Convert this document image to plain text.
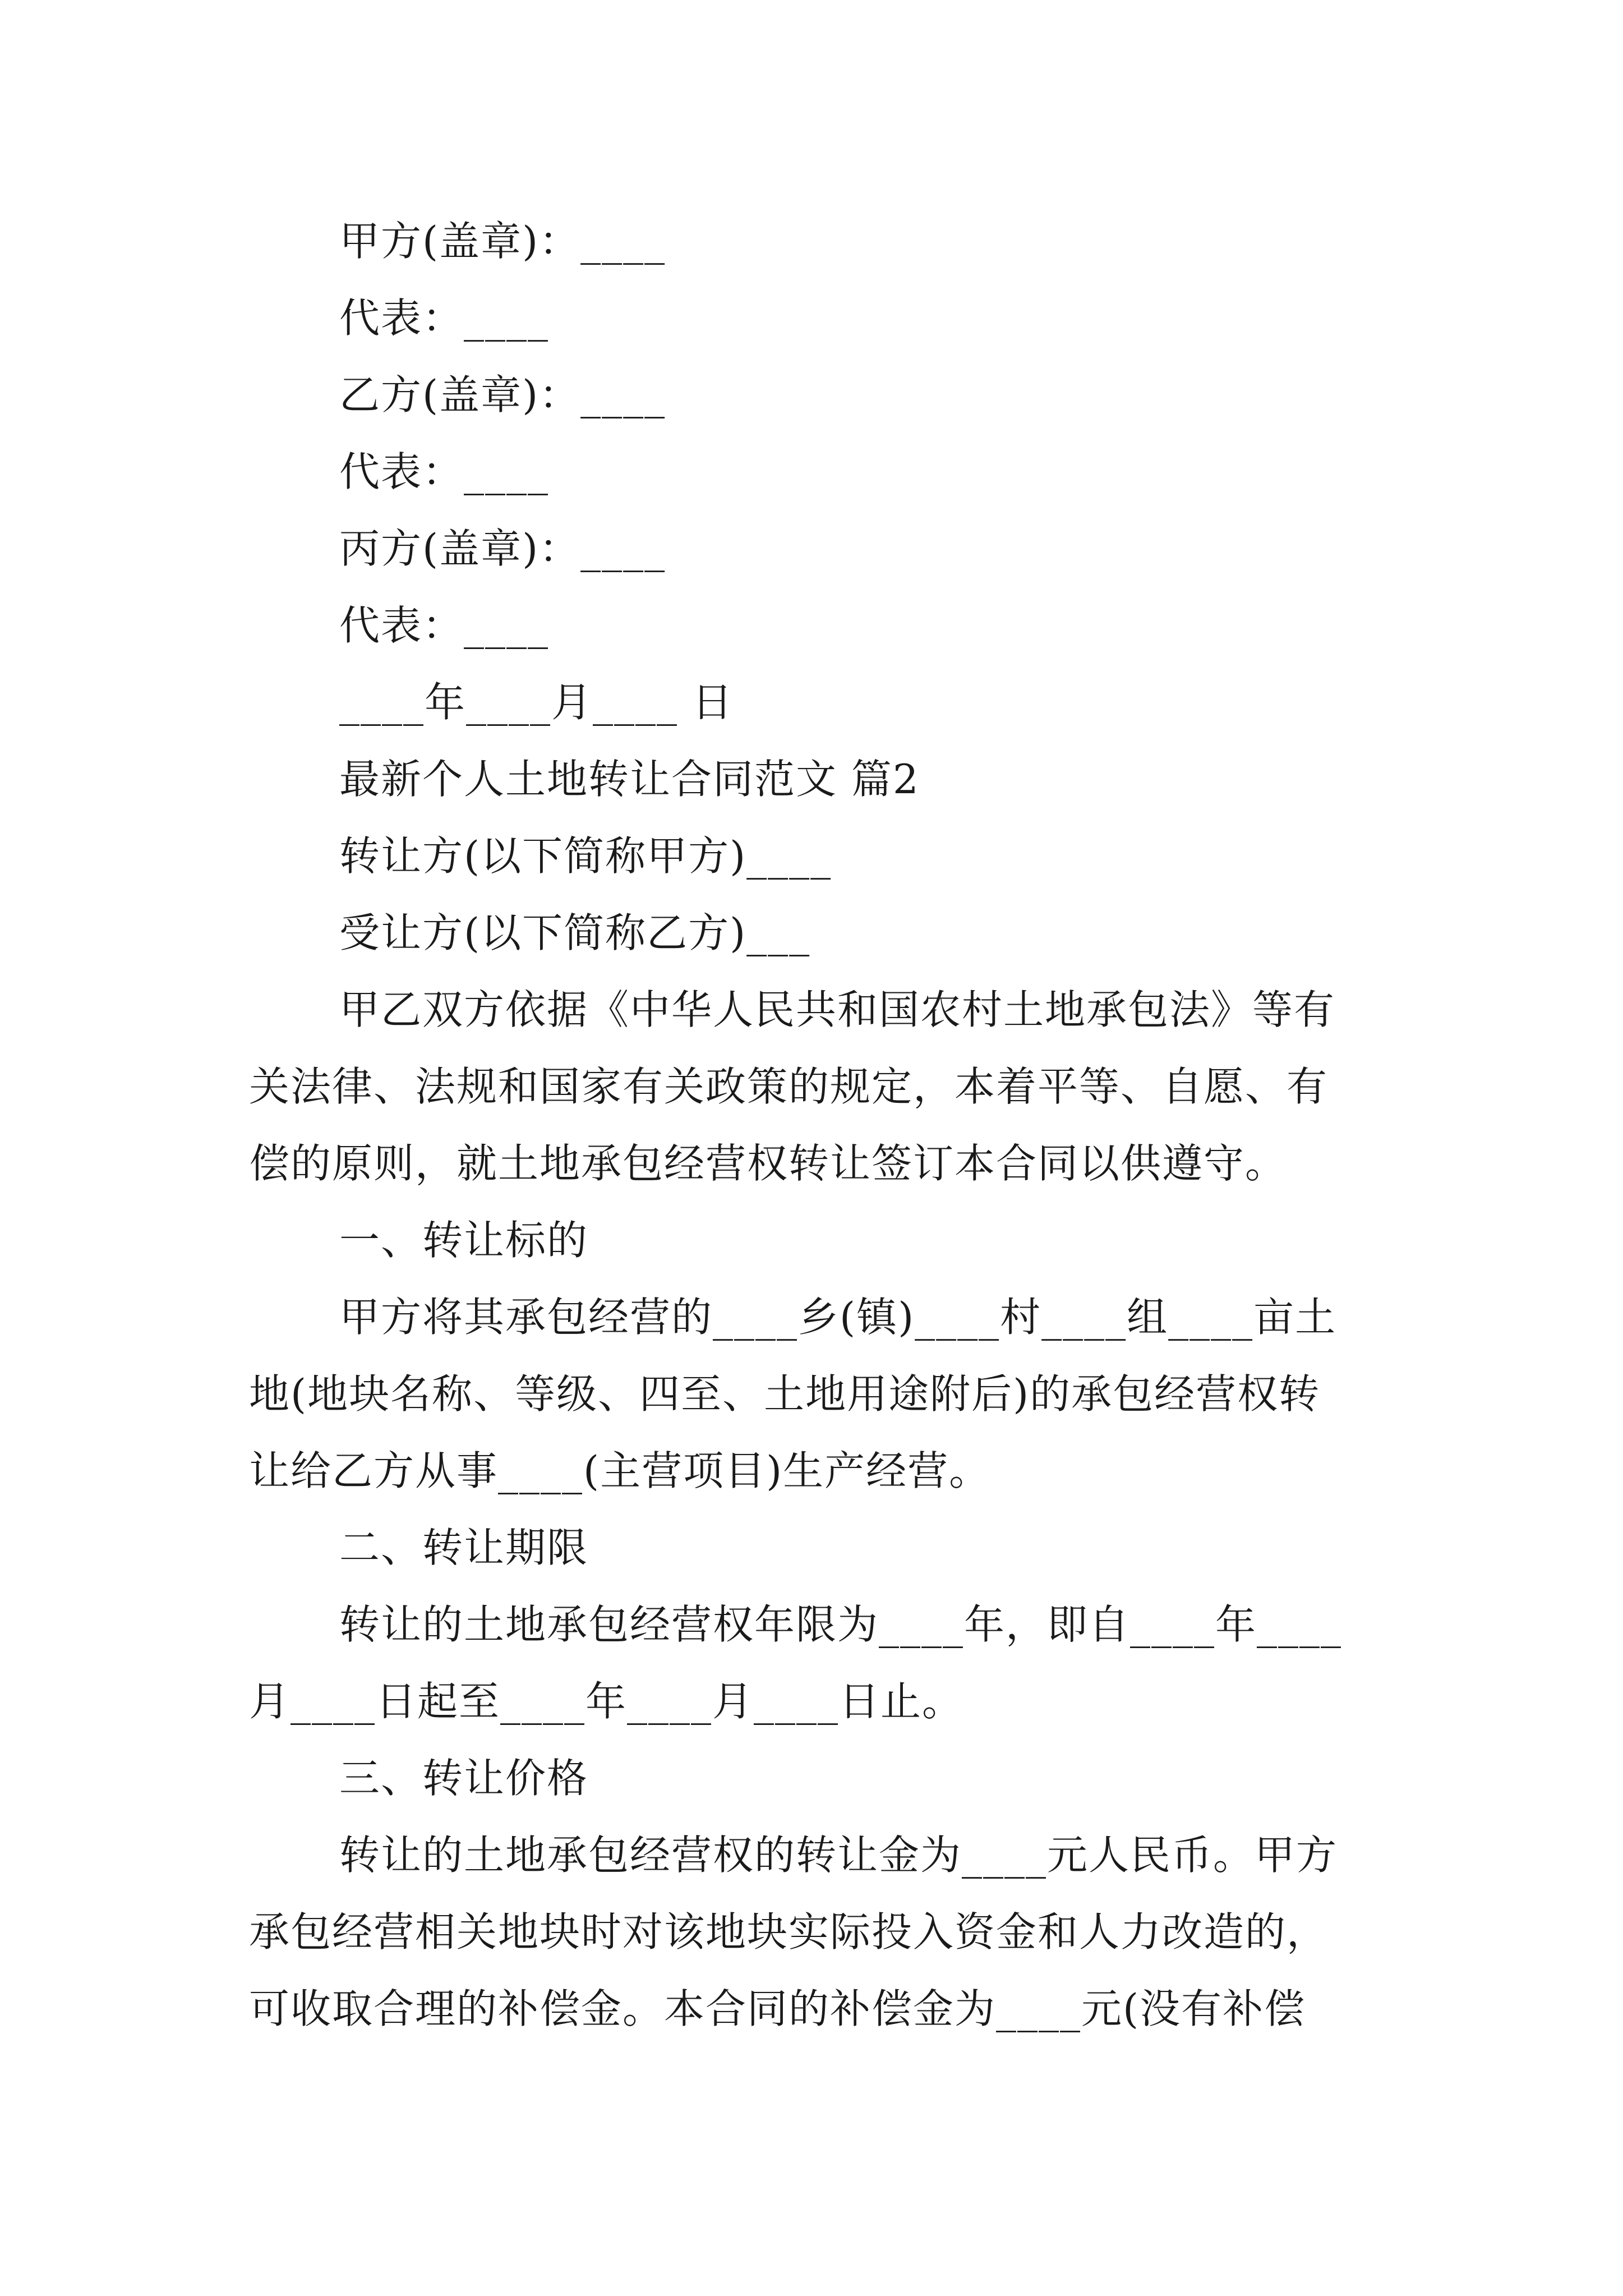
甲方(盖章)：____
代表：____
乙方(盖章)：____
代表：____
丙方(盖章)：____
代表：____
____年____月____ 日
最新个人土地转让合同范文 篇2
转让方(以下简称甲方)____
受让方(以下简称乙方)___
甲乙双方依据《中华人民共和国农村土地承包法》等有
关法律、法规和国家有关政策的规定，本着平等、自愿、有
偿的原则，就土地承包经营权转让签订本合同以供遵守。
一、转让标的
甲方将其承包经营的____乡(镇)____村____组____亩土
地(地块名称、等级、四至、土地用途附后)的承包经营权转
让给乙方从事____(主营项目)生产经营。
二、转让期限
转让的土地承包经营权年限为____年，即自____年____
月____日起至____年____月____日止。
三、转让价格
转让的土地承包经营权的转让金为____元人民币。甲方
承包经营相关地块时对该地块实际投入资金和人力改造的，
可收取合理的补偿金。本合同的补偿金为____元(没有补偿
